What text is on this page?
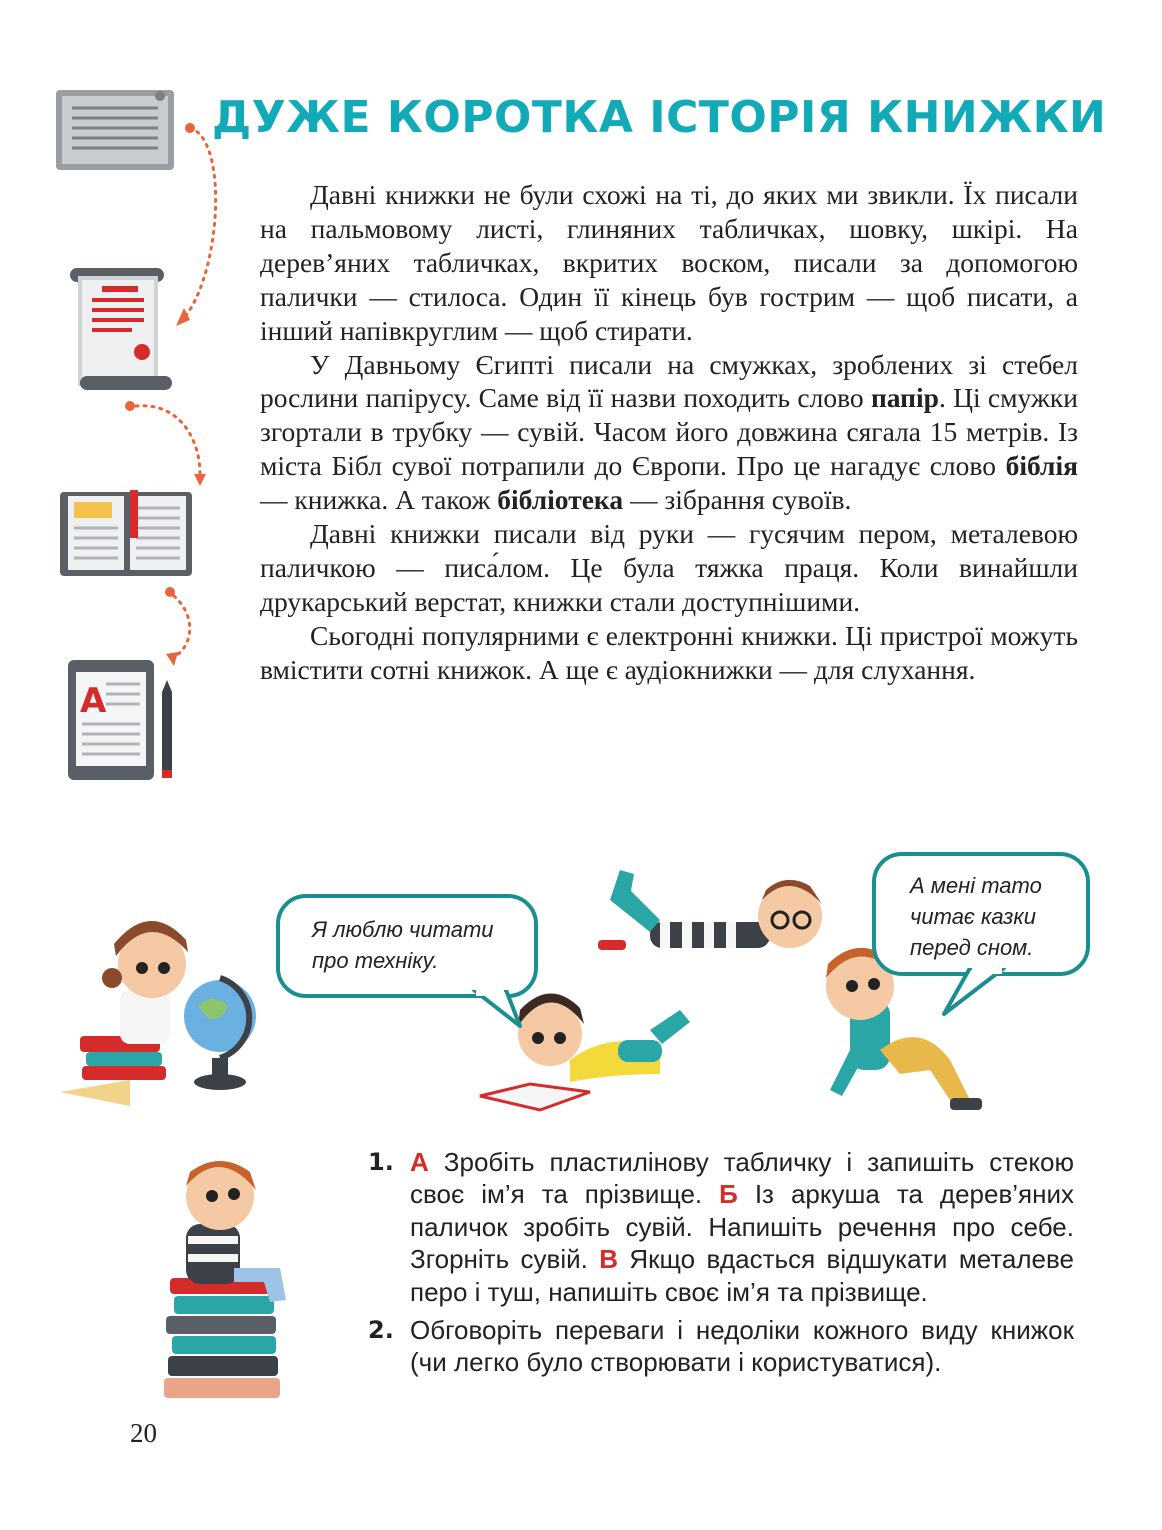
A
ДУЖЕ КОРОТКА ІСТОРІЯ КНИЖКИ

Давні книжки не були схожі на ті, до яких ми звикли. Їх писали на пальмовому листі, глиняних табличках, шовку, шкірі. На дерев’яних табличках, вкритих воском, писали за допомогою палички — стилоса. Один її кінець був гострим — щоб писати, а інший напівкруглим — щоб стирати.

У Давньому Єгипті писали на смужках, зроблених зі стебел рослини папірусу. Саме від її назви походить слово папір. Ці смужки згортали в трубку — сувій. Часом його довжина сягала 15 метрів. Із міста Бібл сувої потрапили до Європи. Про це нагадує слово біблія — книжка. А також бібліотека — зібрання сувоїв.

Давні книжки писали від руки — гусячим пером, металевою паличкою — писа́лом. Це була тяжка праця. Коли винайшли друкарський верстат, книжки стали доступнішими.

Сьогодні популярними є електронні книжки. Ці пристрої можуть вмістити сотні книжок. А ще є аудіокнижки — для слухання.

Я люблю читати
про техніку.
А мені тато
читає казки
перед сном.
1. А Зробіть пластилінову табличку і запишіть стекою своє ім’я та прізвище. Б Із аркуша та дерев’яних паличок зробіть сувій. Напишіть речення про себе. Згорніть сувій. В Якщо вдасться відшукати металеве перо і туш, напишіть своє ім’я та прізвище.
2. Обговоріть переваги і недоліки кожного виду книжок (чи легко було створювати і користуватися).
20
